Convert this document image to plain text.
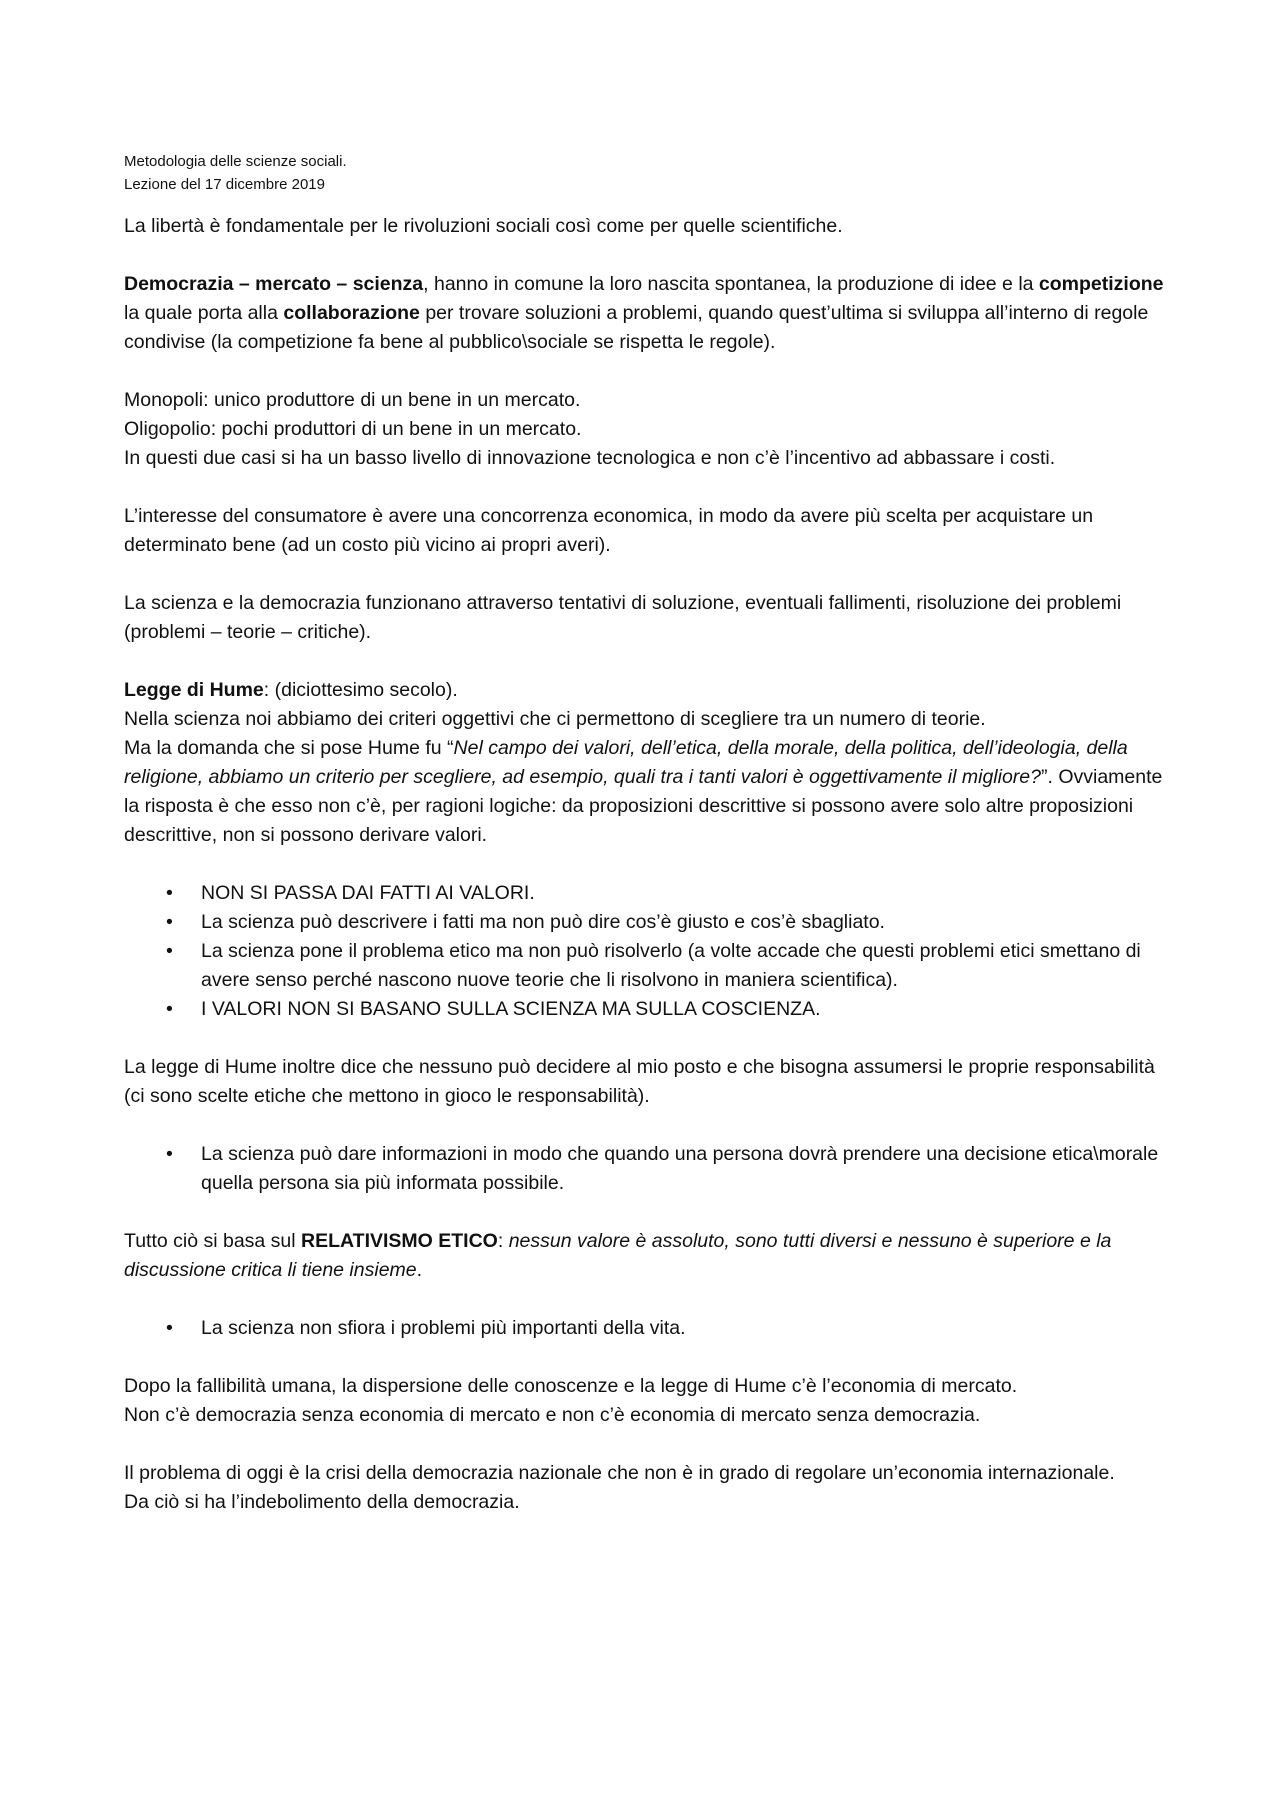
Metodologia delle scienze sociali.

Lezione del 17 dicembre 2019

La libertà è fondamentale per le rivoluzioni sociali così come per quelle scientifiche.

Democrazia – mercato – scienza, hanno in comune la loro nascita spontanea, la produzione di idee e la competizione la quale porta alla collaborazione per trovare soluzioni a problemi, quando quest’ultima si sviluppa all’interno di regole condivise (la competizione fa bene al pubblico\sociale se rispetta le regole).

Monopoli: unico produttore di un bene in un mercato.
Oligopolio: pochi produttori di un bene in un mercato.
In questi due casi si ha un basso livello di innovazione tecnologica e non c’è l’incentivo ad abbassare i costi.

L’interesse del consumatore è avere una concorrenza economica, in modo da avere più scelta per acquistare un determinato bene (ad un costo più vicino ai propri averi).

La scienza e la democrazia funzionano attraverso tentativi di soluzione, eventuali fallimenti, risoluzione dei problemi (problemi – teorie – critiche).

Legge di Hume: (diciottesimo secolo).
Nella scienza noi abbiamo dei criteri oggettivi che ci permettono di scegliere tra un numero di teorie.
Ma la domanda che si pose Hume fu “Nel campo dei valori, dell’etica, della morale, della politica, dell’ideologia, della religione, abbiamo un criterio per scegliere, ad esempio, quali tra i tanti valori è oggettivamente il migliore?”. Ovviamente la risposta è che esso non c’è, per ragioni logiche: da proposizioni descrittive si possono avere solo altre proposizioni descrittive, non si possono derivare valori.

• NON SI PASSA DAI FATTI AI VALORI.
• La scienza può descrivere i fatti ma non può dire cos’è giusto e cos’è sbagliato.
• La scienza pone il problema etico ma non può risolverlo (a volte accade che questi problemi etici smettano di avere senso perché nascono nuove teorie che li risolvono in maniera scientifica).
• I VALORI NON SI BASANO SULLA SCIENZA MA SULLA COSCIENZA.

La legge di Hume inoltre dice che nessuno può decidere al mio posto e che bisogna assumersi le proprie responsabilità (ci sono scelte etiche che mettono in gioco le responsabilità).

• La scienza può dare informazioni in modo che quando una persona dovrà prendere una decisione etica\morale quella persona sia più informata possibile.

Tutto ciò si basa sul RELATIVISMO ETICO: nessun valore è assoluto, sono tutti diversi e nessuno è superiore e la discussione critica li tiene insieme.

• La scienza non sfiora i problemi più importanti della vita.

Dopo la fallibilità umana, la dispersione delle conoscenze e la legge di Hume c’è l’economia di mercato.
Non c’è democrazia senza economia di mercato e non c’è economia di mercato senza democrazia.

Il problema di oggi è la crisi della democrazia nazionale che non è in grado di regolare un’economia internazionale.
Da ciò si ha l’indebolimento della democrazia.
